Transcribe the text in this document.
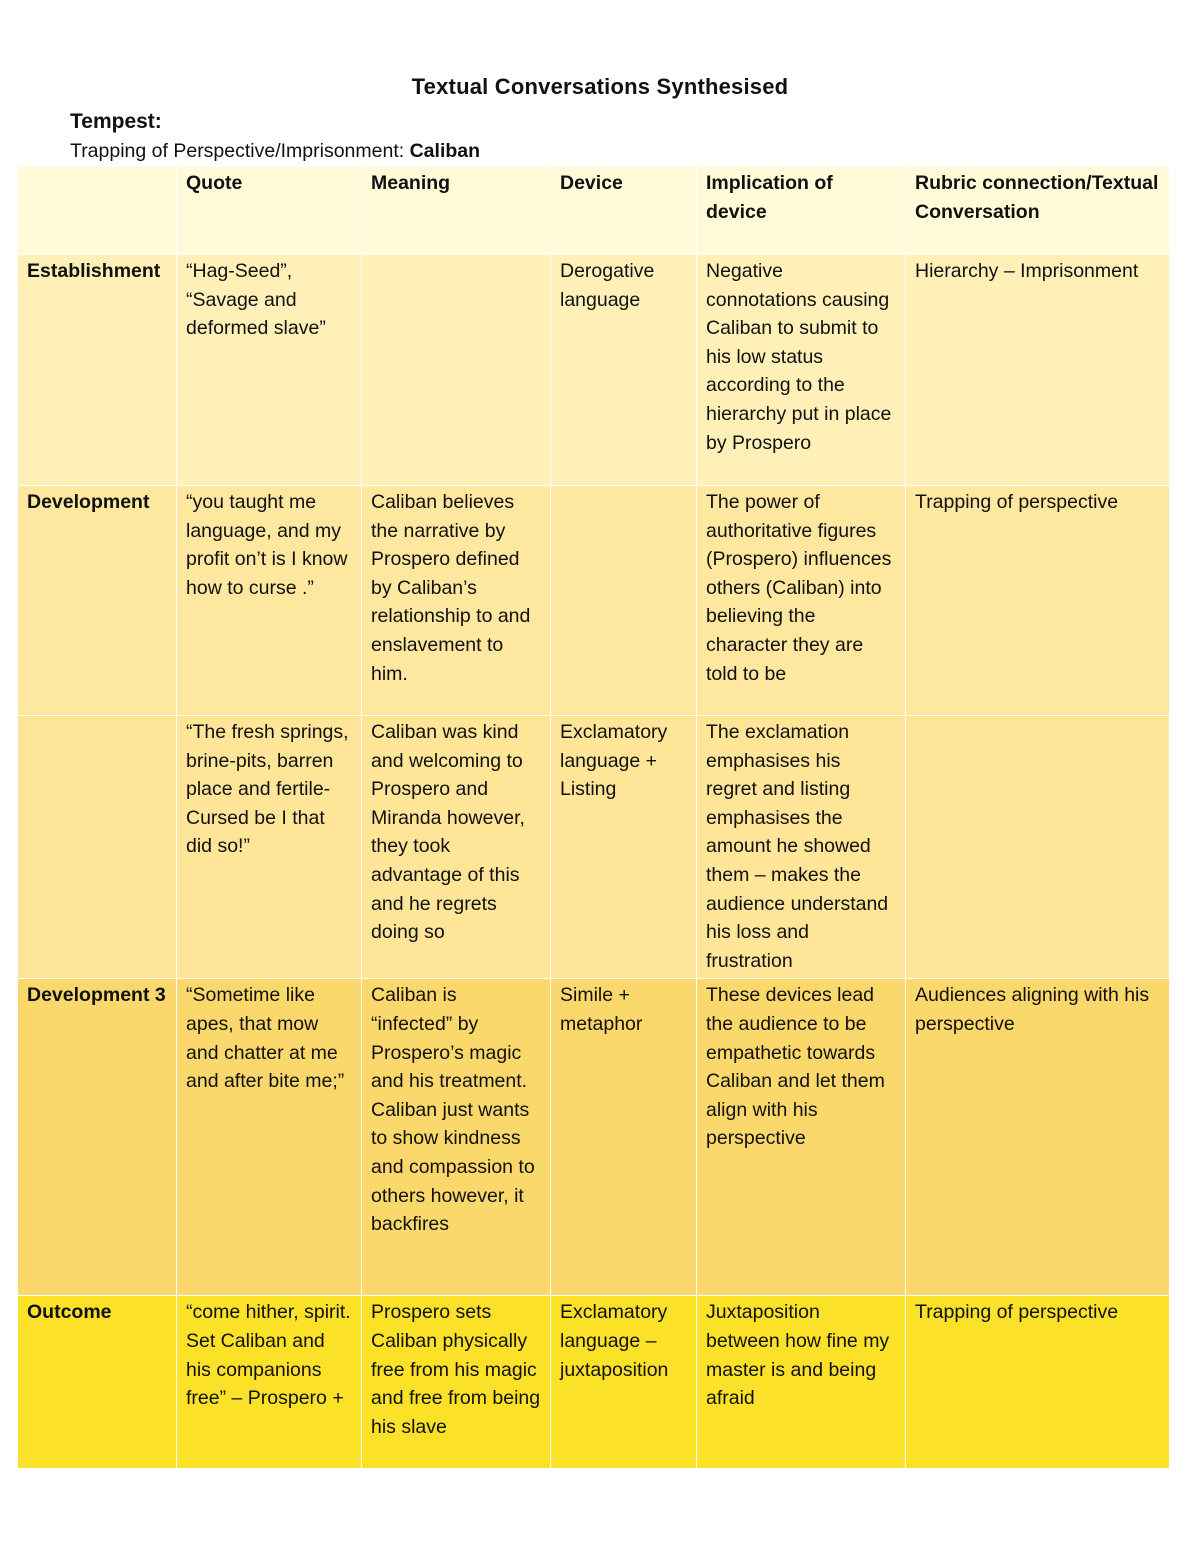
Textual Conversations Synthesised
Tempest:
Trapping of Perspective/Imprisonment: Caliban
	Quote	Meaning	Device	Implication of device	Rubric connection/Textual Conversation
Establishment	“Hag-Seed”, “Savage and deformed slave”		Derogative language	Negative connotations causing Caliban to submit to his low status according to the hierarchy put in place by Prospero	Hierarchy – Imprisonment
Development	“you taught me language, and my profit on’t is I know how to curse .”	Caliban believes the narrative by Prospero defined by Caliban’s relationship to and enslavement to him.		The power of authoritative figures (Prospero) influences others (Caliban) into believing the character they are told to be	Trapping of perspective
	“The fresh springs, brine-pits, barren place and fertile- Cursed be I that did so!”	Caliban was kind and welcoming to Prospero and Miranda however, they took advantage of this and he regrets doing so	Exclamatory language + Listing	The exclamation emphasises his regret and listing emphasises the amount he showed them – makes the audience understand his loss and frustration	
Development 3	“Sometime like apes, that mow and chatter at me and after bite me;”	Caliban is “infected” by Prospero’s magic and his treatment. Caliban just wants to show kindness and compassion to others however, it backfires	Simile + metaphor	These devices lead the audience to be empathetic towards Caliban and let them align with his perspective	Audiences aligning with his perspective
Outcome	“come hither, spirit. Set Caliban and his companions free” – Prospero +	Prospero sets Caliban physically free from his magic and free from being his slave	Exclamatory language – juxtaposition	Juxtaposition between how fine my master is and being afraid	Trapping of perspective
